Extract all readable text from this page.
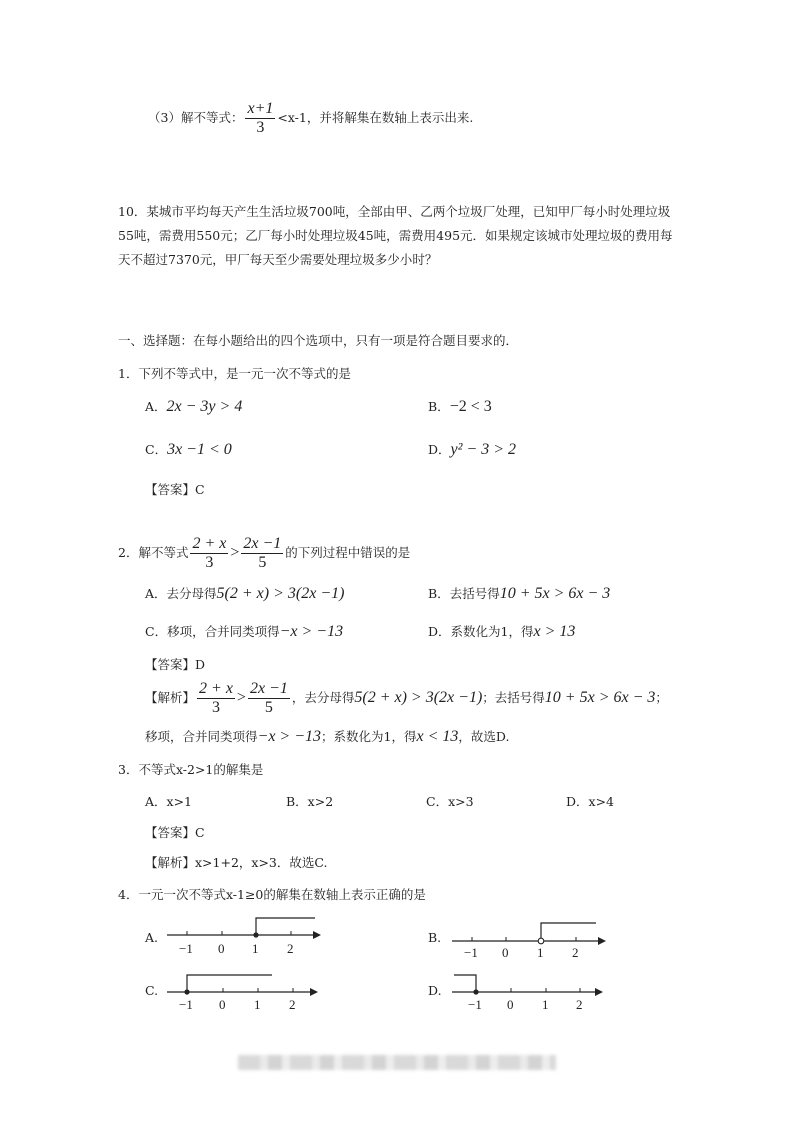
（3）解不等式： $\frac{x+1}{3} <x-1$，并将解集在数轴上表示出来.
10．某城市平均每天产生生活垃圾700吨，全部由甲、乙两个垃圾厂处理，已知甲厂每小时处理垃圾55吨，需费用550元；乙厂每小时处理垃圾45吨，需费用495元．如果规定该城市处理垃圾的费用每天不超过7370元，甲厂每天至少需要处理垃圾多少小时？
一、选择题：在每小题给出的四个选项中，只有一项是符合题目要求的．
1．下列不等式中，是一元一次不等式的是
A．2x − 3y > 4	B．−2 < 3
C．3x −1 < 0	D．y² − 3 > 2
【答案】C
2．解不等式 $\frac{2 + x}{3} > \frac{2x -1}{5}$ 的下列过程中错误的是
A．去分母得5(2 + x) > 3(2x −1)	B．去括号得10 + 5x > 6x − 3
C．移项，合并同类项得−x > −13	D．系数化为1，得x > 13
【答案】D
【解析】 $\frac{2 + x}{3} > \frac{2x -1}{5}$ ，去分母得5(2 + x) > 3(2x −1)；去括号得10 + 5x > 6x − 3；
移项，合并同类项得−x > −13；系数化为1，得x < 13，故选D.
3．不等式x-2>1的解集是
A．x>1	B．x>2	C．x>3	D．x>4
【答案】C
【解析】x>1+2，x>3．故选C.
4．一元一次不等式x-1≥0的解集在数轴上表示正确的是
A.
−1 0 1 2
B.
−1 0 1 2
C.
−1 0 1 2
D.
−1 0 1 2
